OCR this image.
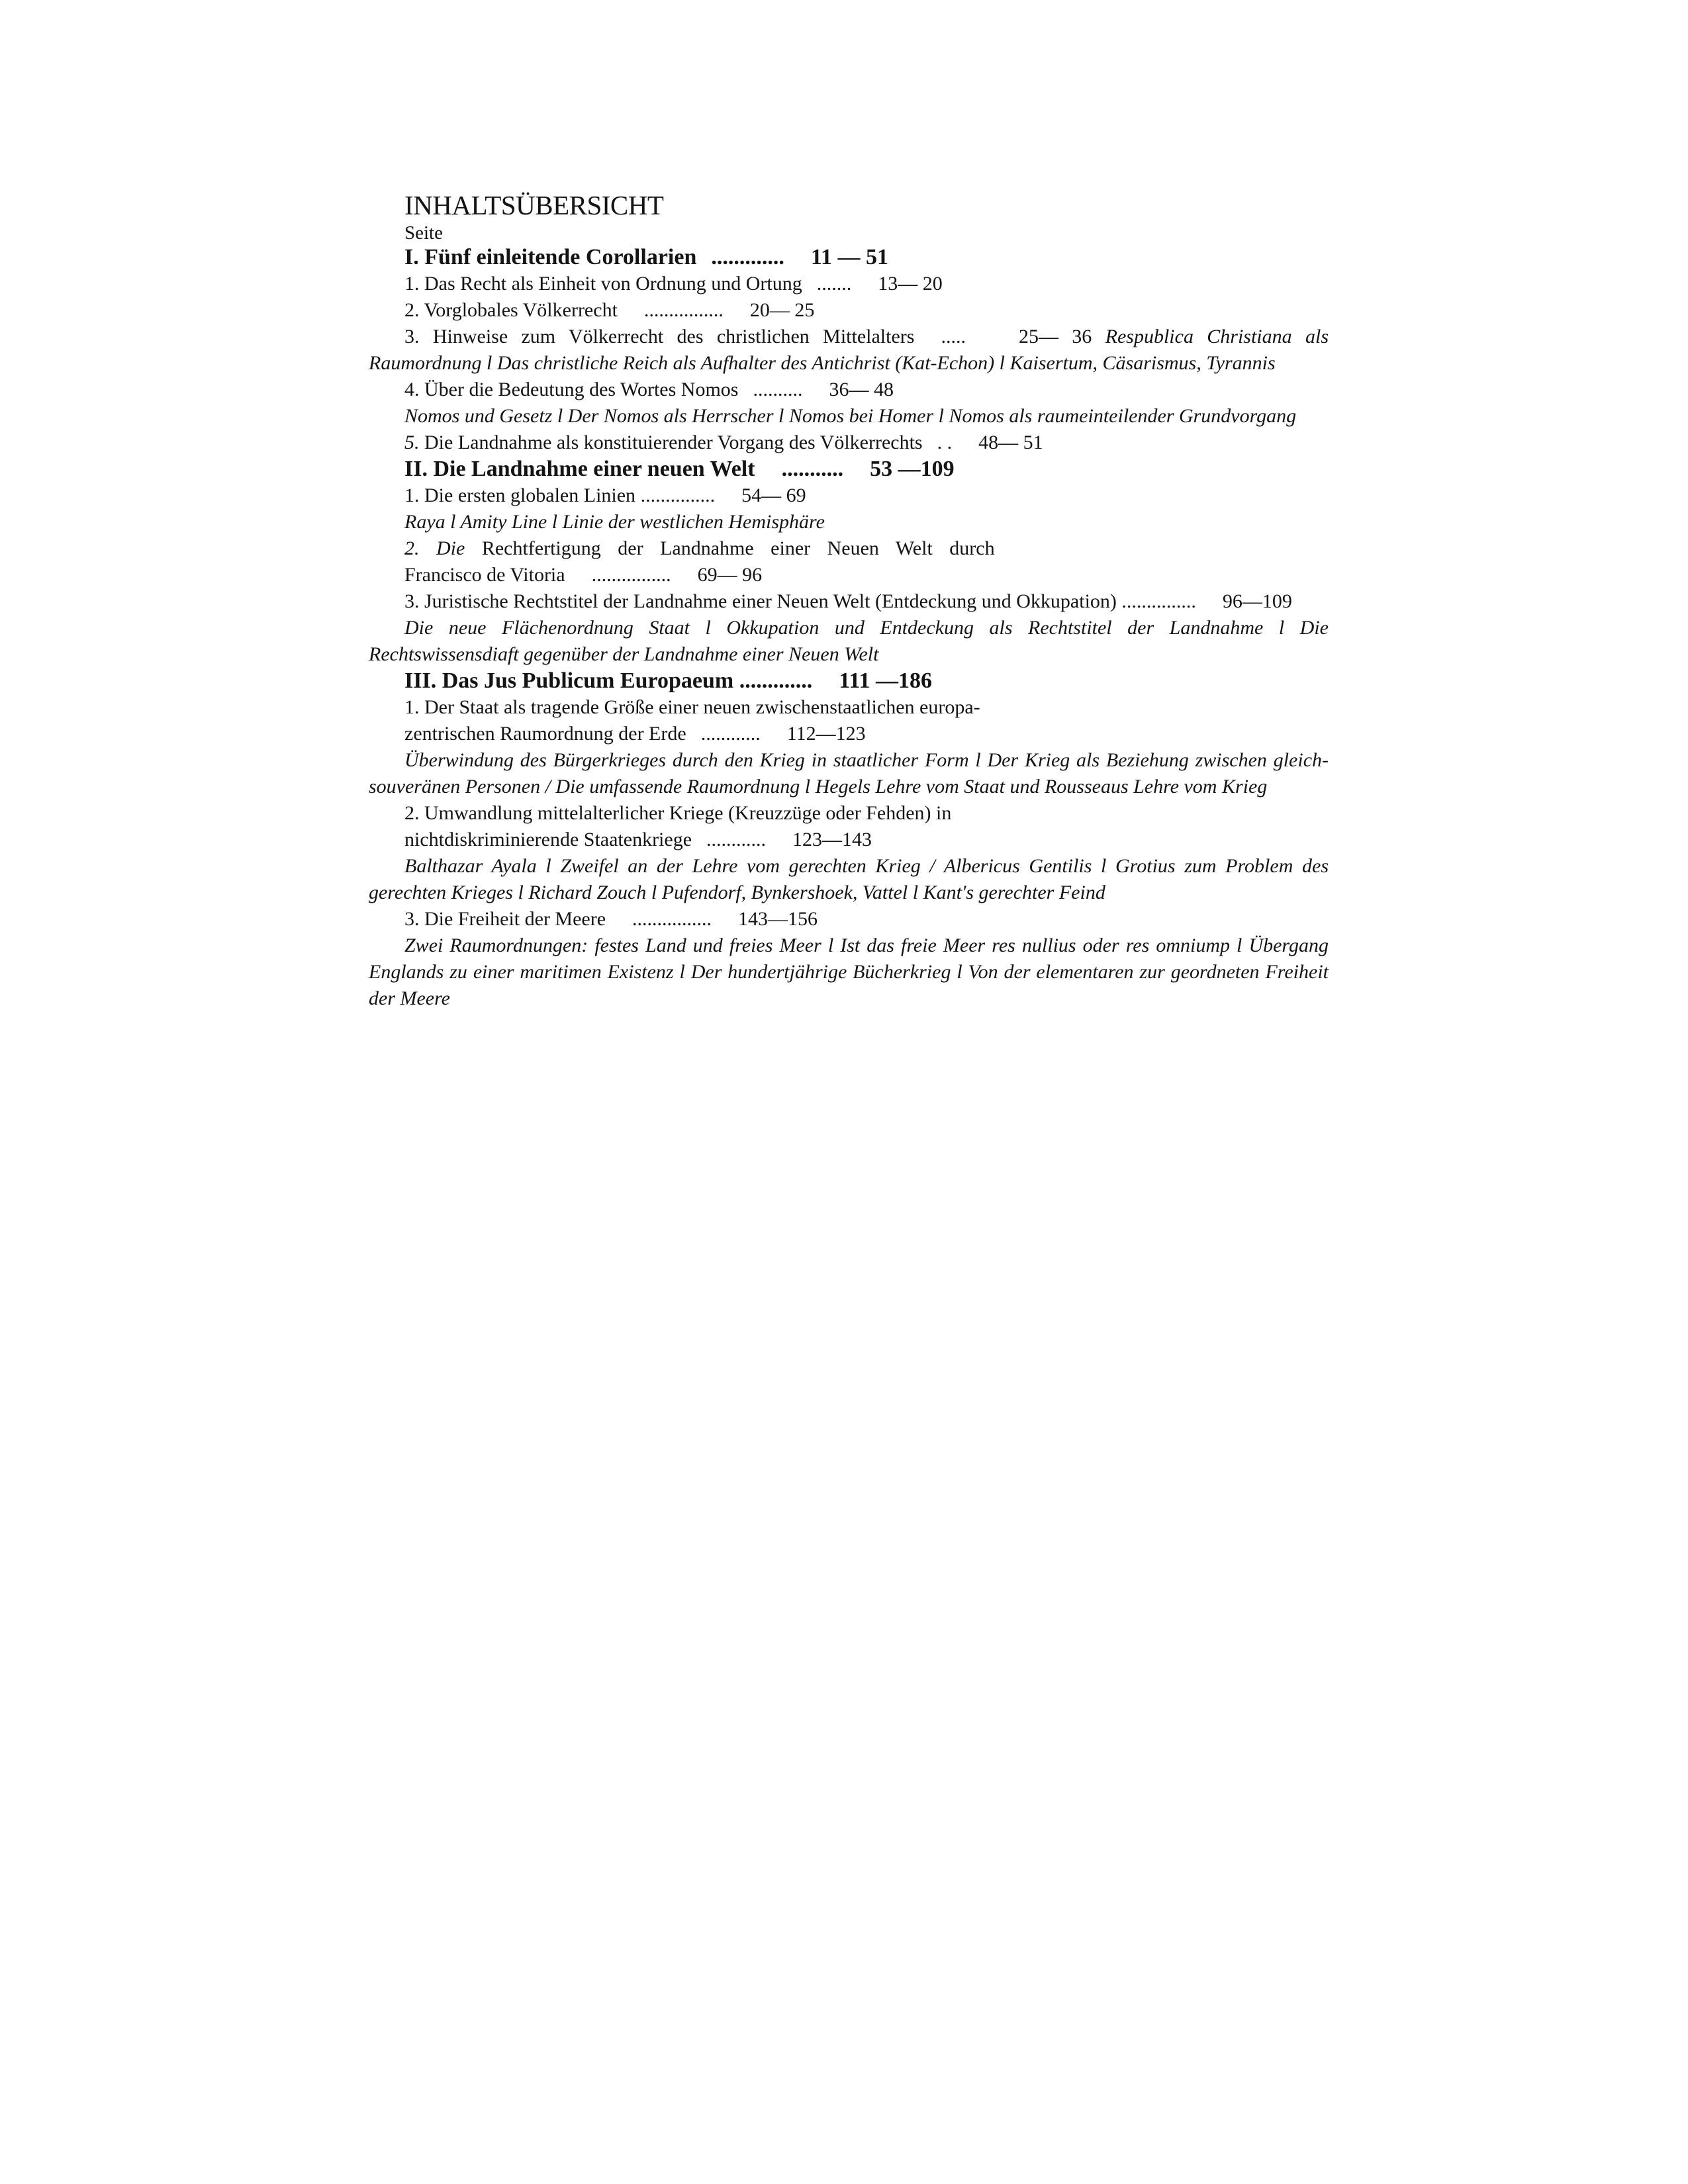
INHALTSÜBERSICHT
Seite
I. Fünf einleitende Corollarien ............. 11 — 51
1. Das Recht als Einheit von Ordnung und Ortung ....... 13— 20
2. Vorglobales Völkerrecht ................ 20— 25
3. Hinweise zum Völkerrecht des christlichen Mittelalters .....	25— 36 Respublica Christiana als Raumordnung l Das christliche Reich als Aufhalter des Antichrist (Kat-Echon) l Kaisertum, Cäsarismus, Tyrannis
4. Über die Bedeutung des Wortes Nomos .......... 36— 48
Nomos und Gesetz l Der Nomos als Herrscher l Nomos bei Homer l Nomos als raumeinteilender Grundvorgang
5. Die Landnahme als konstituierender Vorgang des Völkerrechts . . 48— 51
II. Die Landnahme einer neuen Welt ........... 53 —109
1. Die ersten globalen Linien ............... 54— 69
Raya l Amity Line l Linie der westlichen Hemisphäre
2. Die Rechtfertigung der Landnahme einer Neuen Welt durch
Francisco de Vitoria ................ 69— 96
3. Juristische Rechtstitel der Landnahme einer Neuen Welt (Entdeckung und Okkupation) ............... 96—109
Die neue Flächenordnung Staat l Okkupation und Entdeckung als Rechtstitel der Landnahme l Die Rechtswissensdiaft gegenüber der Landnahme einer Neuen Welt
III. Das Jus Publicum Europaeum ............. 111 —186
1. Der Staat als tragende Größe einer neuen zwischenstaatlichen europa-
zentrischen Raumordnung der Erde ............ 112—123
Überwindung des Bürgerkrieges durch den Krieg in staatlicher Form l Der Krieg als Beziehung zwischen gleich-souveränen Personen / Die umfassende Raumordnung l Hegels Lehre vom Staat und Rousseaus Lehre vom Krieg
2. Umwandlung mittelalterlicher Kriege (Kreuzzüge oder Fehden) in
nichtdiskriminierende Staatenkriege ............ 123—143
Balthazar Ayala l Zweifel an der Lehre vom gerechten Krieg / Albericus Gentilis l Grotius zum Problem des gerechten Krieges l Richard Zouch l Pufendorf, Bynkershoek, Vattel l Kant's gerechter Feind
3. Die Freiheit der Meere ................ 143—156
Zwei Raumordnungen: festes Land und freies Meer l Ist das freie Meer res nullius oder res omniump l Übergang Englands zu einer maritimen Existenz l Der hundertjährige Bücherkrieg l Von der elementaren zur geordneten Freiheit der Meere
